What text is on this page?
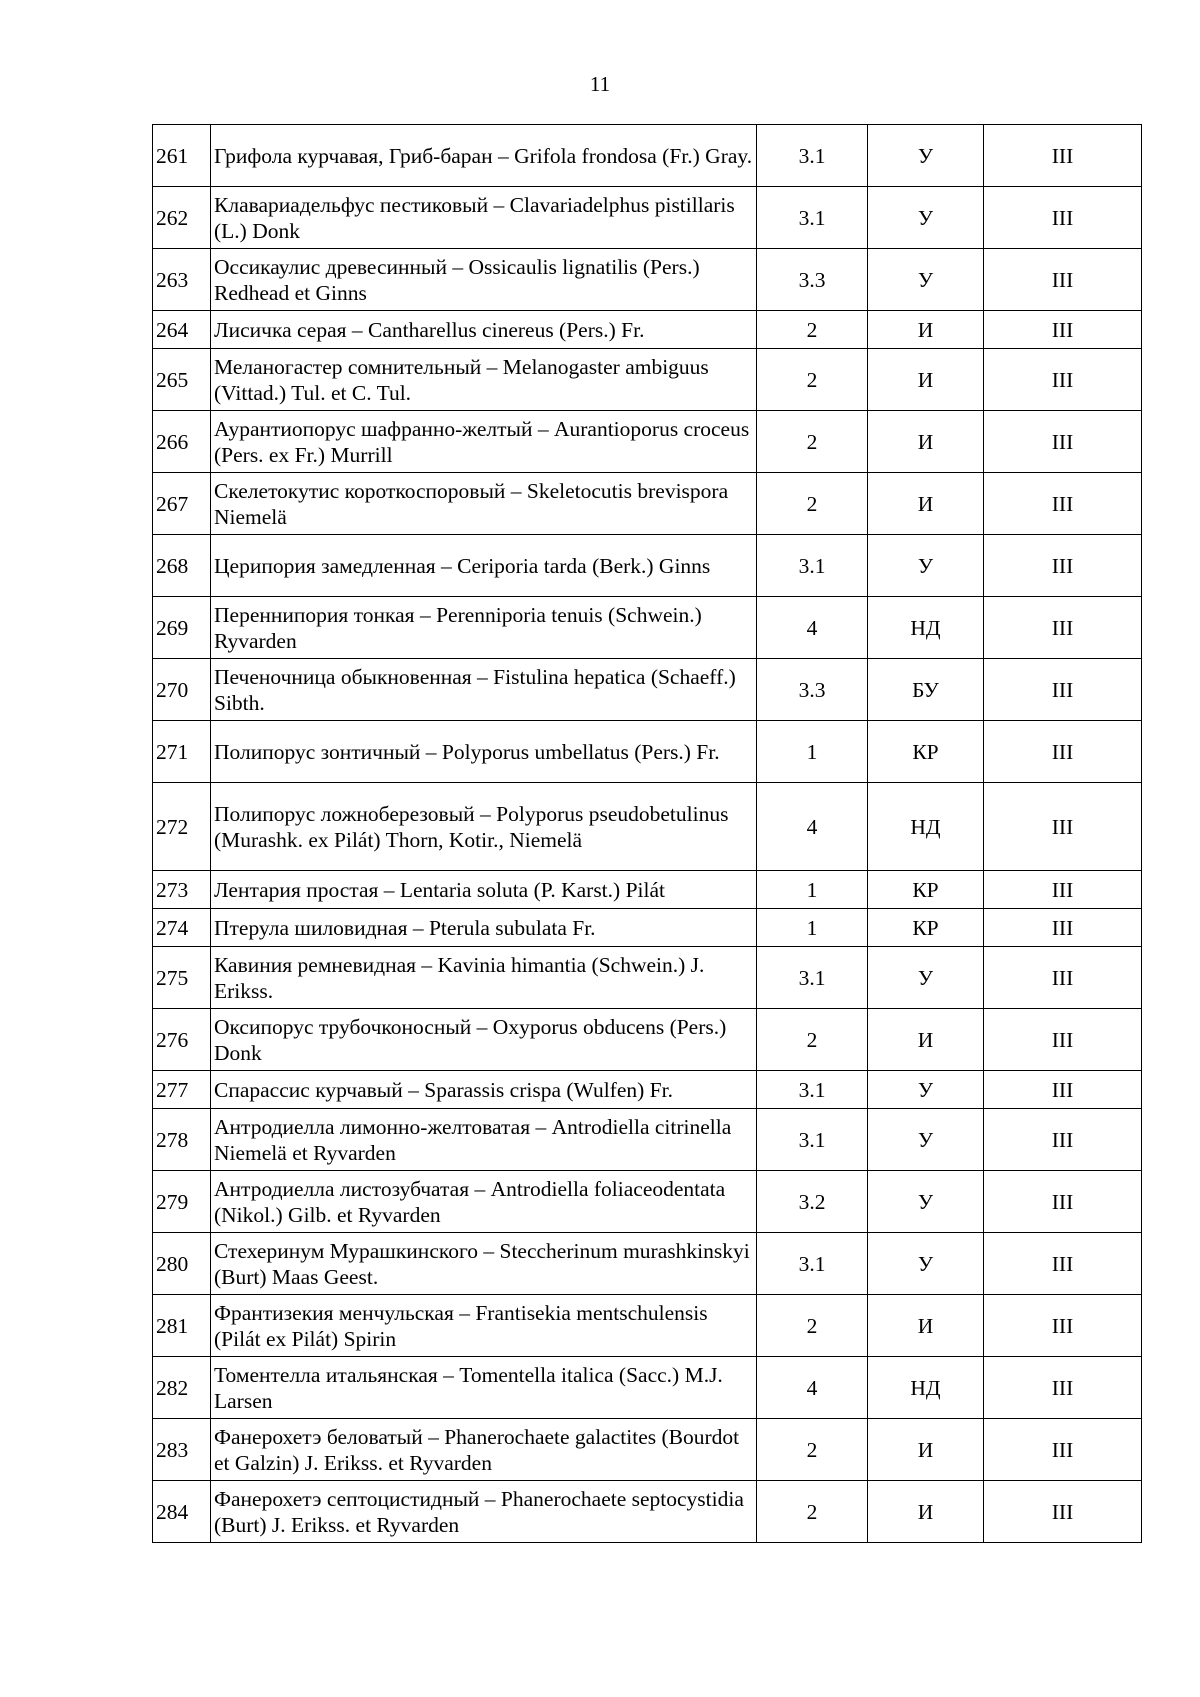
11
261	Грифола курчавая, Гриб-баран – Grifola frondosa (Fr.) Gray.	3.1	У	III
262	Клавариадельфус пестиковый – Clavariadelphus pistillaris (L.) Donk	3.1	У	III
263	Оссикаулис древесинный – Ossicaulis lignatilis (Pers.) Redhead et Ginns	3.3	У	III
264	Лисичка серая – Cantharellus cinereus (Pers.) Fr.	2	И	III
265	Меланогастер сомнительный – Melanogaster ambiguus (Vittad.) Tul. et C. Tul.	2	И	III
266	Аурантиопорус шафранно-желтый – Aurantioporus croceus (Pers. ex Fr.) Murrill	2	И	III
267	Скелетокутис короткоспоровый – Skeletocutis brevispora Niemelä	2	И	III
268	Церипория замедленная – Ceriporia tarda (Berk.) Ginns	3.1	У	III
269	Переннипория тонкая – Perenniporia tenuis (Schwein.) Ryvarden	4	НД	III
270	Печеночница обыкновенная – Fistulina hepatica (Schaeff.) Sibth.	3.3	БУ	III
271	Полипорус зонтичный – Polyporus umbellatus (Pers.) Fr.	1	КР	III
272	Полипорус ложноберезовый – Polyporus pseudobetulinus (Murashk. ex Pilát) Thorn, Kotir., Niemelä	4	НД	III
273	Лентария простая – Lentaria soluta (P. Karst.) Pilát	1	КР	III
274	Птерула шиловидная – Pterula subulata Fr.	1	КР	III
275	Кавиния ремневидная – Kavinia himantia (Schwein.) J. Erikss.	3.1	У	III
276	Оксипорус трубочконосный – Oxyporus obducens (Pers.) Donk	2	И	III
277	Спарассис курчавый – Sparassis crispa (Wulfen) Fr.	3.1	У	III
278	Антродиелла лимонно-желтоватая – Antrodiella citrinella Niemelä et Ryvarden	3.1	У	III
279	Антродиелла листозубчатая – Antrodiella foliaceodentata (Nikol.) Gilb. et Ryvarden	3.2	У	III
280	Стехеринум Мурашкинского – Steccherinum murashkinskyi (Burt) Maas Geest.	3.1	У	III
281	Франтизекия менчульская – Frantisekia mentschulensis (Pilát ex Pilát) Spirin	2	И	III
282	Томентелла итальянская – Tomentella italica (Sacc.) M.J. Larsen	4	НД	III
283	Фанерохетэ беловатый – Phanerochaete galactites (Bourdot et Galzin) J. Erikss. et Ryvarden	2	И	III
284	Фанерохетэ септоцистидный – Phanerochaete septocystidia (Burt) J. Erikss. et Ryvarden	2	И	III
